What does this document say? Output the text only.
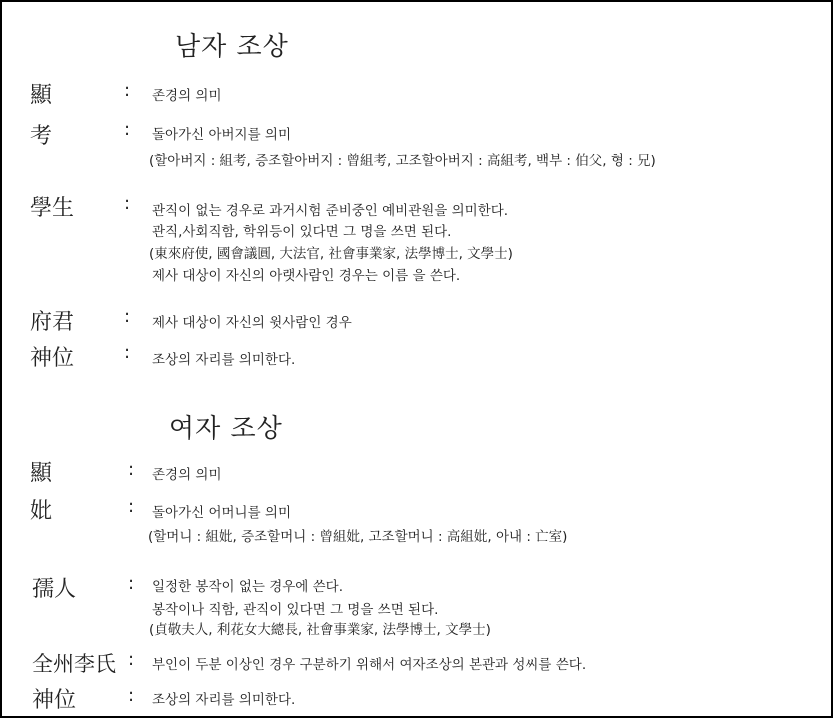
남자 조상
顯	: 존경의 의미
考	: 돌아가신 아버지를 의미
(할아버지 : 組考, 증조할아버지 : 曾組考, 고조할아버지 : 高組考, 백부 : 伯父, 형 : 兄)
學生	: 관직이 없는 경우로 과거시험 준비중인 예비관원을 의미한다.
관직,사회직함, 학위등이 있다면 그 명을 쓰면 된다.
(東來府使, 國會議圓, 大法官, 社會事業家, 法學博士, 文學士)
제사 대상이 자신의 아랫사람인 경우는 이름 을 쓴다.
府君	: 제사 대상이 자신의 윗사람인 경우
神位	: 조상의 자리를 의미한다.
여자 조상
顯	: 존경의 의미
妣	: 돌아가신 어머니를 의미
(할머니 : 組妣, 증조할머니 : 曾組妣, 고조할머니 : 高組妣, 아내 : 亡室)
孺人	: 일정한 봉작이 없는 경우에 쓴다.
봉작이나 직함, 관직이 있다면 그 명을 쓰면 된다.
(貞敬夫人, 利花女大總長, 社會事業家, 法學博士, 文學士)
全州李氏 : 부인이 두분 이상인 경우 구분하기 위해서 여자조상의 본관과 성씨를 쓴다.
神位	: 조상의 자리를 의미한다.
